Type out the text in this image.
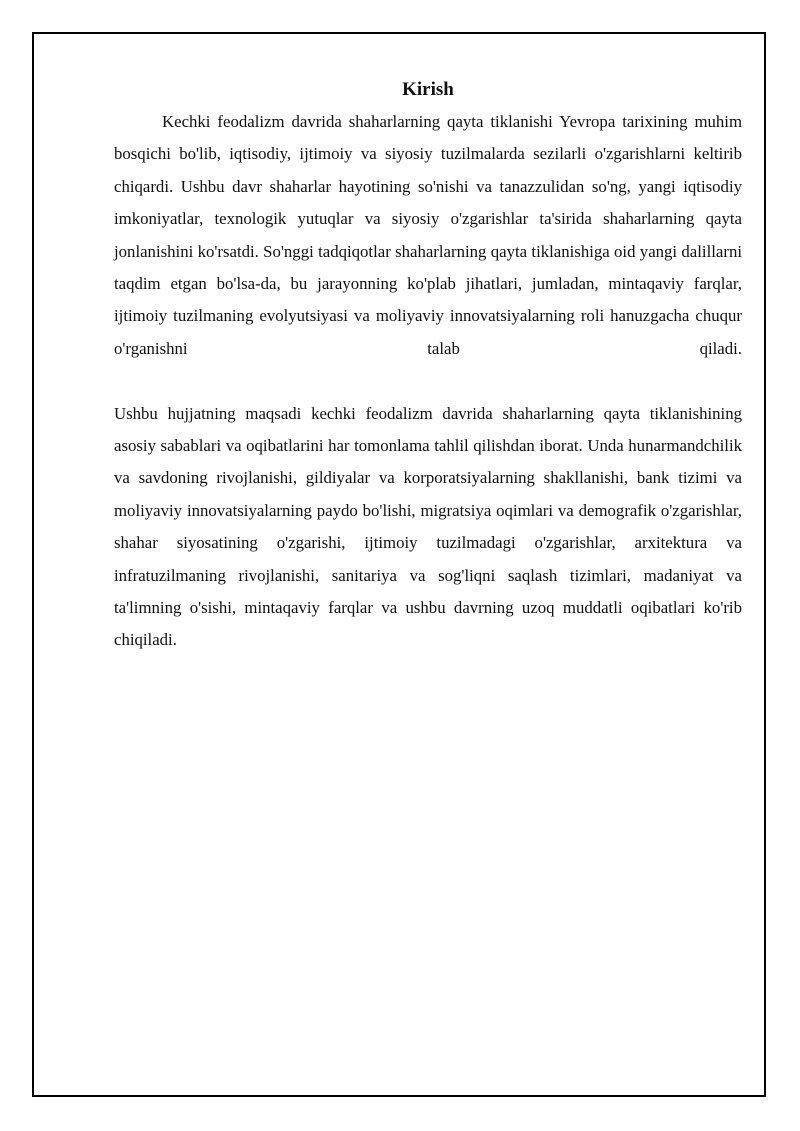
Kirish

Kechki feodalizm davrida shaharlarning qayta tiklanishi Yevropa tarixining muhim bosqichi bo'lib, iqtisodiy, ijtimoiy va siyosiy tuzilmalarda sezilarli o'zgarishlarni keltirib chiqardi. Ushbu davr shaharlar hayotining so'nishi va tanazzulidan so'ng, yangi iqtisodiy imkoniyatlar, texnologik yutuqlar va siyosiy o'zgarishlar ta'sirida shaharlarning qayta jonlanishini ko'rsatdi. So'nggi tadqiqotlar shaharlarning qayta tiklanishiga oid yangi dalillarni taqdim etgan bo'lsa-da, bu jarayonning ko'plab jihatlari, jumladan, mintaqaviy farqlar, ijtimoiy tuzilmaning evolyutsiyasi va moliyaviy innovatsiyalarning roli hanuzgacha chuqur o'rganishni talab qiladi.

Ushbu hujjatning maqsadi kechki feodalizm davrida shaharlarning qayta tiklanishining asosiy sabablari va oqibatlarini har tomonlama tahlil qilishdan iborat. Unda hunarmandchilik va savdoning rivojlanishi, gildiyalar va korporatsiyalarning shakllanishi, bank tizimi va moliyaviy innovatsiyalarning paydo bo'lishi, migratsiya oqimlari va demografik o'zgarishlar, shahar siyosatining o'zgarishi, ijtimoiy tuzilmadagi o'zgarishlar, arxitektura va infratuzilmaning rivojlanishi, sanitariya va sog'liqni saqlash tizimlari, madaniyat va ta'limning o'sishi, mintaqaviy farqlar va ushbu davrning uzoq muddatli oqibatlari ko'rib chiqiladi.
